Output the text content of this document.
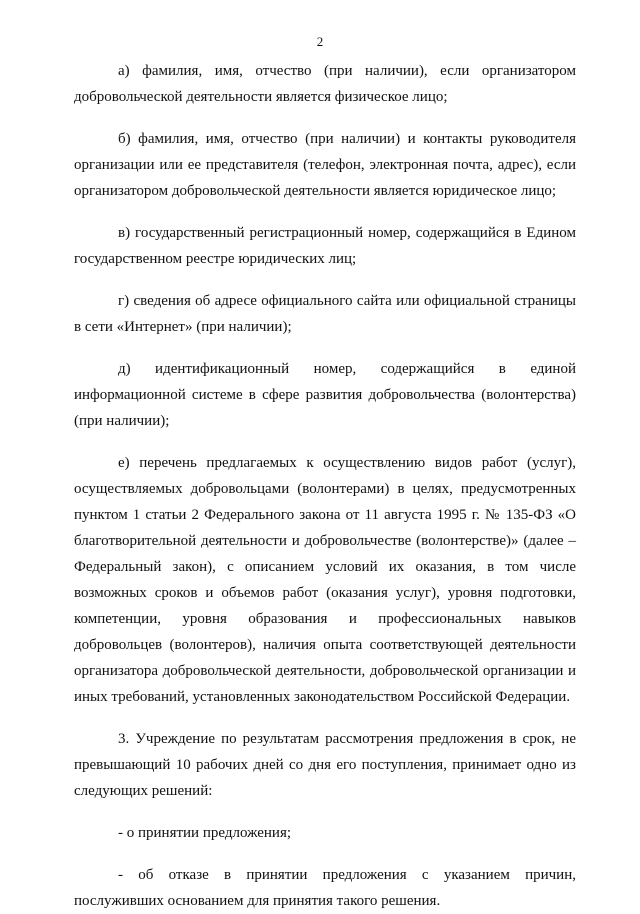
2

а) фамилия, имя, отчество (при наличии), если организатором добровольческой деятельности является физическое лицо;

б) фамилия, имя, отчество (при наличии) и контакты руководителя организации или ее представителя (телефон, электронная почта, адрес), если организатором добровольческой деятельности является юридическое лицо;

в) государственный регистрационный номер, содержащийся в Едином государственном реестре юридических лиц;

г) сведения об адресе официального сайта или официальной страницы в сети «Интернет» (при наличии);

д) идентификационный номер, содержащийся в единой информационной системе в сфере развития добровольчества (волонтерства) (при наличии);

е) перечень предлагаемых к осуществлению видов работ (услуг), осуществляемых добровольцами (волонтерами) в целях, предусмотренных пунктом 1 статьи 2 Федерального закона от 11 августа 1995 г. № 135-ФЗ «О благотворительной деятельности и добровольчестве (волонтерстве)» (далее – Федеральный закон), с описанием условий их оказания, в том числе возможных сроков и объемов работ (оказания услуг), уровня подготовки, компетенции, уровня образования и профессиональных навыков добровольцев (волонтеров), наличия опыта соответствующей деятельности организатора добровольческой деятельности, добровольческой организации и иных требований, установленных законодательством Российской Федерации.

3. Учреждение по результатам рассмотрения предложения в срок, не превышающий 10 рабочих дней со дня его поступления, принимает одно из следующих решений:

- о принятии предложения;

- об отказе в принятии предложения с указанием причин, послуживших основанием для принятия такого решения.
